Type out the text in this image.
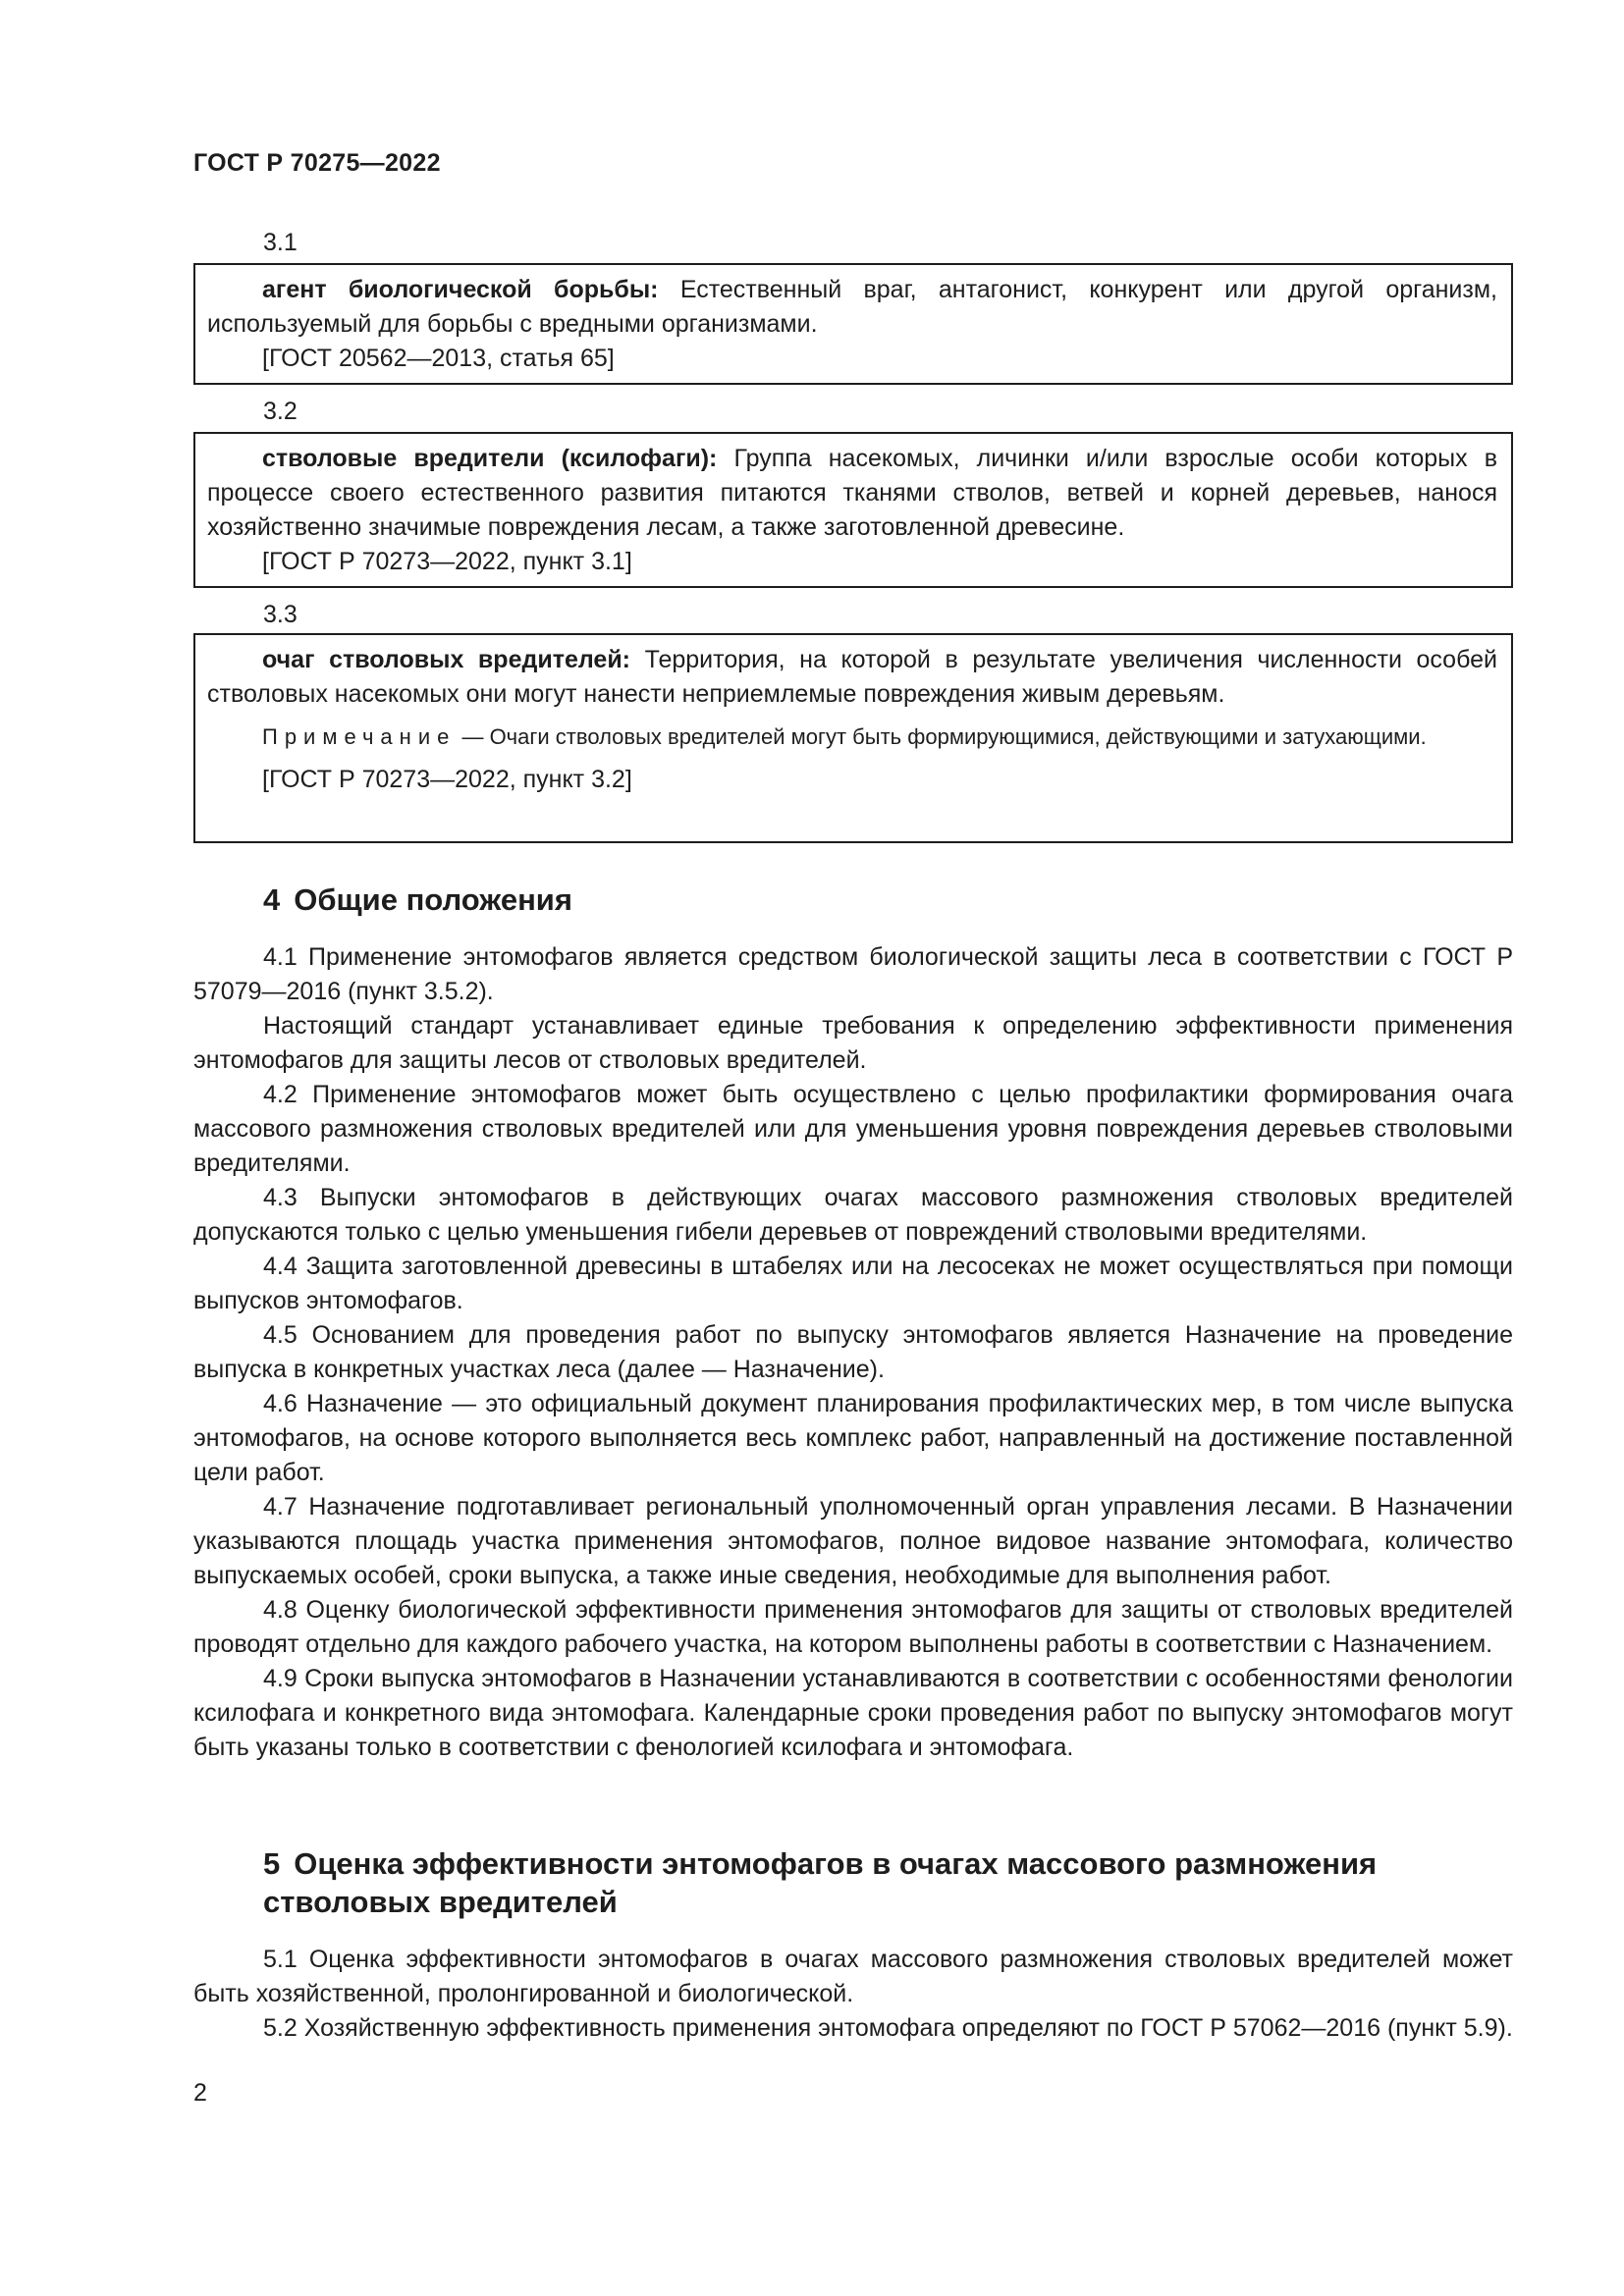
ГОСТ Р 70275—2022
3.1

агент биологической борьбы: Естественный враг, антагонист, конкурент или другой организм, используемый для борьбы с вредными организмами.

[ГОСТ 20562—2013, статья 65]

3.2

стволовые вредители (ксилофаги): Группа насекомых, личинки и/или взрослые особи которых в процессе своего естественного развития питаются тканями стволов, ветвей и корней деревьев, нанося хозяйственно значимые повреждения лесам, а также заготовленной древесине.

[ГОСТ Р 70273—2022, пункт 3.1]

3.3

очаг стволовых вредителей: Территория, на которой в результате увеличения численности особей стволовых насекомых они могут нанести неприемлемые повреждения живым деревьям.

Примечание — Очаги стволовых вредителей могут быть формирующимися, действующими и затухающими.

[ГОСТ Р 70273—2022, пункт 3.2]

4 Общие положения

4.1 Применение энтомофагов является средством биологической защиты леса в соответствии с ГОСТ Р 57079—2016 (пункт 3.5.2).

Настоящий стандарт устанавливает единые требования к определению эффективности применения энтомофагов для защиты лесов от стволовых вредителей.

4.2 Применение энтомофагов может быть осуществлено с целью профилактики формирования очага массового размножения стволовых вредителей или для уменьшения уровня повреждения деревьев стволовыми вредителями.

4.3 Выпуски энтомофагов в действующих очагах массового размножения стволовых вредителей допускаются только с целью уменьшения гибели деревьев от повреждений стволовыми вредителями.

4.4 Защита заготовленной древесины в штабелях или на лесосеках не может осуществляться при помощи выпусков энтомофагов.

4.5 Основанием для проведения работ по выпуску энтомофагов является Назначение на проведение выпуска в конкретных участках леса (далее — Назначение).

4.6 Назначение — это официальный документ планирования профилактических мер, в том числе выпуска энтомофагов, на основе которого выполняется весь комплекс работ, направленный на достижение поставленной цели работ.

4.7 Назначение подготавливает региональный уполномоченный орган управления лесами. В Назначении указываются площадь участка применения энтомофагов, полное видовое название энтомофага, количество выпускаемых особей, сроки выпуска, а также иные сведения, необходимые для выполнения работ.

4.8 Оценку биологической эффективности применения энтомофагов для защиты от стволовых вредителей проводят отдельно для каждого рабочего участка, на котором выполнены работы в соответствии с Назначением.

4.9 Сроки выпуска энтомофагов в Назначении устанавливаются в соответствии с особенностями фенологии ксилофага и конкретного вида энтомофага. Календарные сроки проведения работ по выпуску энтомофагов могут быть указаны только в соответствии с фенологией ксилофага и энтомофага.

5 Оценка эффективности энтомофагов в очагах массового размножения стволовых вредителей

5.1 Оценка эффективности энтомофагов в очагах массового размножения стволовых вредителей может быть хозяйственной, пролонгированной и биологической.

5.2 Хозяйственную эффективность применения энтомофага определяют по ГОСТ Р 57062—2016 (пункт 5.9).

2
